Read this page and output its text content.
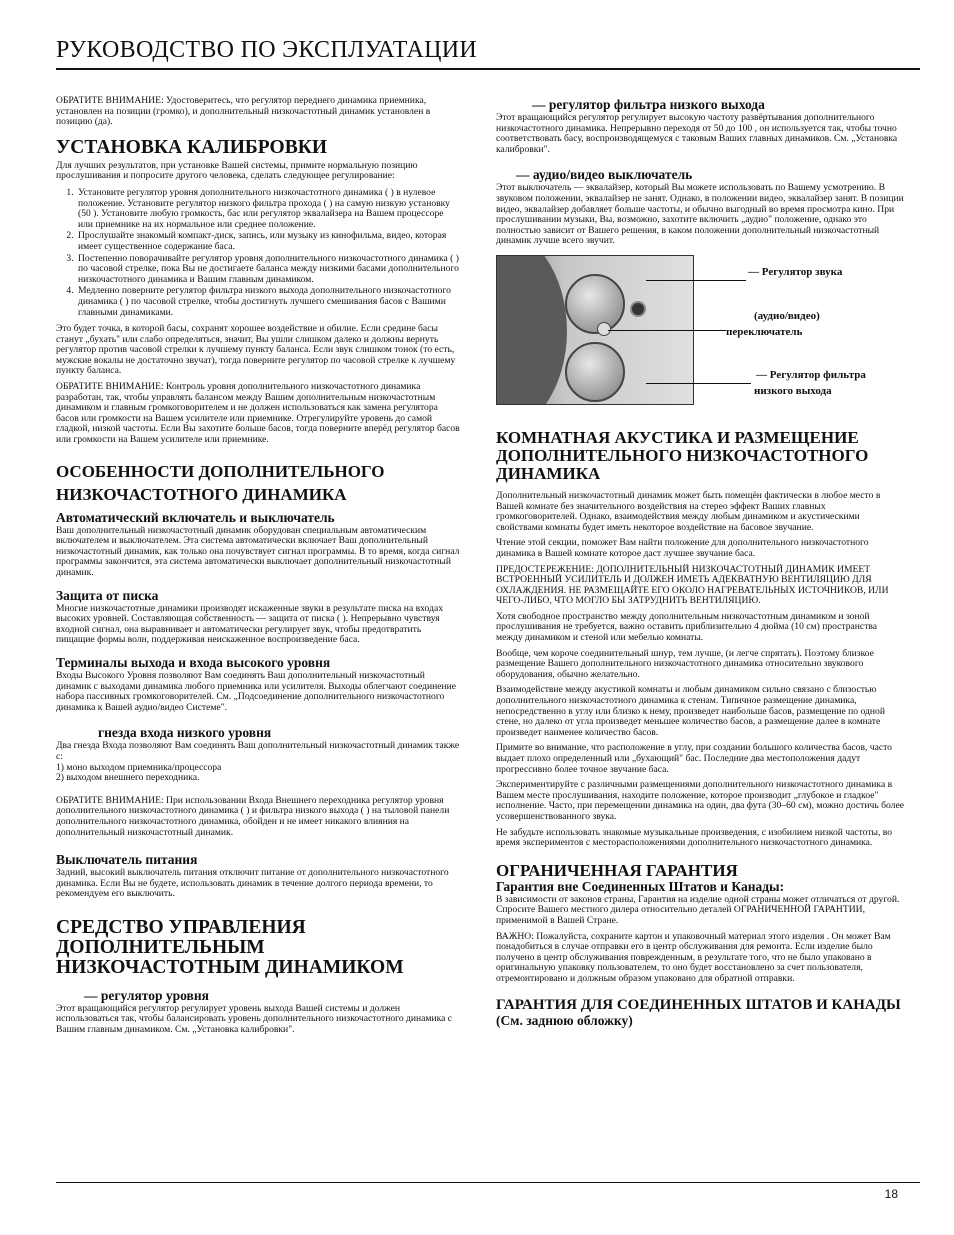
РУКОВОДСТВО ПО ЭКСПЛУАТАЦИИ

ОБРАТИТЕ ВНИМАНИЕ: Удостоверитесь, что регулятор переднего динамика приемника, установлен на позиции (громко), и дополнительный низкочастотный динамик установлен в позицию (да).

УСТАНОВКА КАЛИБРОВКИ

Для лучших результатов, при установке Вашей системы, примите нормальную позицию прослушивания и попросите другого человека, сделать следующее регулирование:

1. Установите регулятор уровня дополнительного низкочастотного динамика ( ) в нулевое положение. Установите регулятор низкого фильтра прохода ( ) на самую низкую установку (50 ). Установите любую громкость, бас или регулятор эквалайзера на Вашем процессоре или приемнике на их нормальное или среднее положение.
2. Прослушайте знакомый компакт-диск, запись, или музыку из кинофильма, видео, которая имеет существенное содержание баса.
3. Постепенно поворачивайте регулятор уровня дополнительного низкочастотного динамика ( ) по часовой стрелке, пока Вы не достигаете баланса между низкими басами дополнительного низкочастотного динамика и Вашим главным динамиком.
4. Медленно поверните регулятор фильтра низкого выхода дополнительного низкочастотного динамика ( ) по часовой стрелке, чтобы достигнуть лучшего смешивания басов с Вашими главными динамиками.

Это будет точка, в которой басы, сохранят хорошее воздействие и обилие. Если средине басы станут „бухать" или слабо определяться, значит, Вы ушли слишком далеко и должны вернуть регулятор против часовой стрелки к лучшему пункту баланса. Если звук слишком тонок (то есть, мужские вокалы не достаточно звучат), тогда поверните регулятор по часовой стрелке к лучшему пункту баланса.

ОБРАТИТЕ ВНИМАНИЕ: Контроль уровня дополнительного низкочастотного динамика разработан, так, чтобы управлять балансом между Вашим дополнительным низкочастотным динамиком и главным громкоговорителем и не должен использоваться как замена регулятора басов или громкости на Вашем усилителе или приемнике. Отрегулируйте уровень до самой гладкой, низкой частоты. Если Вы захотите больше басов, тогда поверните вперёд регулятор басов или громкости на Вашем усилителе или приемнике.

ОСОБЕННОСТИ ДОПОЛНИТЕЛЬНОГО НИЗКОЧАСТОТНОГО ДИНАМИКА
Автоматический включатель и выключатель

Ваш дополнительный низкочастотный динамик оборудован специальным автоматическим включателем и выключателем. Эта система автоматически включает Ваш дополнительный низкочастотный динамик, как только она почувствует сигнал программы. В то время, когда сигнал программы закончится, эта система автоматически выключает дополнительный низкочастотный динамик.

Защита от писка

Многие низкочастотные динамики производят искаженные звуки в результате писка на входах высоких уровней. Составляющая собственность — защита от писка ( ). Непрерывно чувствуя входной сигнал, она выравнивает и автоматически регулирует звук, чтобы предотвратить пищащие формы волн, поддерживая неискаженное воспроизведение баса.

Терминалы выхода и входа высокого уровня

Входы Высокого Уровня позволяют Вам соединять Ваш дополнительный низкочастотный динамик с выходами динамика любого приемника или усилителя. Выходы облегчают соединение набора пассивных громкоговорителей. См. „Подсоединение дополнительного низкочастотного динамика к Вашей аудио/видео Системе".

гнезда входа низкого уровня

Два гнезда Входа позволяют Вам соединять Ваш дополнительный низкочастотный динамик также с:

1) моно выходом приемника/процессора

2) выходом внешнего переходника.

ОБРАТИТЕ ВНИМАНИЕ: При использовании Входа Внешнего переходника регулятор уровня дополнительного низкочастотного динамика ( ) и фильтра низкого выхода ( ) на тыловой панели дополнительного низкочастотного динамика, обойден и не имеет никакого влияния на дополнительный низкочастотный динамик.

Выключатель питания

Задний, высокий выключатель питания отключит питание от дополнительного низкочастотного динамика. Если Вы не будете, использовать динамик в течение долгого периода времени, то рекомендуем его выключить.

СРЕДСТВО УПРАВЛЕНИЯ ДОПОЛНИТЕЛЬНЫМ НИЗКОЧАСТОТНЫМ ДИНАМИКОМ
— регулятор уровня

Этот вращающийся регулятор регулирует уровень выхода Вашей системы и должен использоваться так, чтобы балансировать уровень дополнительного низкочастотного динамика с Вашим главным динамиком. См. „Установка калибровки".

— регулятор фильтра низкого выхода

Этот вращающийся регулятор регулирует высокую частоту развёртывания дополнительного низкочастотного динамика. Непрерывно переходя от 50 до 100 , он используется так, чтобы точно соответствовать басу, воспроизводящемуся с таковым Ваших главных динамиков. См. „Установка калибровки".

— аудио/видео выключатель

Этот выключатель — эквалайзер, который Вы можете использовать по Вашему усмотрению. В звуковом положении, эквалайзер не занят. Однако, в положении видео, эквалайзер занят. В позиции видео, эквалайзер добавляет больше частоты, и обычно выгодный во время просмотра кино. При прослушивании музыки, Вы, возможно, захотите включить „аудио" положение, однако это полностью зависит от Вашего решения, в каком положении дополнительный низкочастотный динамик лучше всего звучит.

— Регулятор звука
(аудио/видео)
переключатель
— Регулятор фильтра
низкого выхода
КОМНАТНАЯ АКУСТИКА И РАЗМЕЩЕНИЕ ДОПОЛНИТЕЛЬНОГО НИЗКОЧАСТОТНОГО ДИНАМИКА

Дополнительный низкочастотный динамик может быть помещён фактически в любое место в Вашей комнате без значительного воздействия на стерео эффект Ваших главных громкоговорителей. Однако, взаимодействия между любым динамиком и акустическими свойствами комнаты будет иметь некоторое воздействие на басовое звучание.

Чтение этой секции, поможет Вам найти положение для дополнительного низкочастотного динамика в Вашей комнате которое даст лучшее звучание баса.

ПРЕДОСТЕРЕЖЕНИЕ: ДОПОЛНИТЕЛЬНЫЙ НИЗКОЧАСТОТНЫЙ ДИНАМИК ИМЕЕТ ВСТРОЕННЫЙ УСИЛИТЕЛЬ И ДОЛЖЕН ИМЕТЬ АДЕКВАТНУЮ ВЕНТИЛЯЦИЮ ДЛЯ ОХЛАЖДЕНИЯ. НЕ РАЗМЕЩАЙТЕ ЕГО ОКОЛО НАГРЕВАТЕЛЬНЫХ ИСТОЧНИКОВ, ИЛИ ЧЕГО-ЛИБО, ЧТО МОГЛО БЫ ЗАТРУДНИТЬ ВЕНТИЛЯЦИЮ.

Хотя свободное пространство между дополнительным низкочастотным динамиком и зоной прослушивания не требуется, важно оставить приблизительно 4 дюйма (10 см) пространства между динамиком и стеной или мебелью комнаты.

Вообще, чем короче соединительный шнур, тем лучше, (и легче спрятать). Поэтому близкое размещение Вашего дополнительного низкочастотного динамика относительно звукового оборудования, обычно желательно.

Взаимодействие между акустикой комнаты и любым динамиком сильно связано с близостью дополнительного низкочастотного динамика к стенам. Типичное размещение динамика, непосредственно в углу или близко к нему, произведет наибольше басов, размещение по одной стене, но далеко от угла произведет меньшее количество басов, а размещение далее в комнате произведет наименее количество басов.

Примите во внимание, что расположение в углу, при создании большого количества басов, часто выдает плохо определенный или „бухающий" бас. Последние два местоположения дадут прогрессивно более точное звучание баса.

Экспериментируйте с различными размещениями дополнительного низкочастотного динамика в Вашем месте прослушивания, находите положение, которое производит „глубокое и гладкое" исполнение. Часто, при перемещении динамика на один, два фута (30–60 см), можно достичь более усовершенствованного звука.

Не забудьте использовать знакомые музыкальные произведения, с изобилием низкой частоты, во время экспериментов с месторасположениями дополнительного низкочастотного динамика.

ОГРАНИЧЕННАЯ ГАРАНТИЯ
Гарантия вне Соединенных Штатов и Канады:

В зависимости от законов страны, Гарантия на изделие одной страны может отличаться от другой. Спросите Вашего местного дилера относительно деталей ОГРАНИЧЕННОЙ ГАРАНТИИ, применимой в Вашей Стране.

ВАЖНО: Пожалуйста, сохраните картон и упаковочный материал этого изделия . Он может Вам понадобиться в случае отправки его в центр обслуживания для ремонта. Если изделие было получено в центр обслуживания поврежденным, в результате того, что не было упаковано в оригинальную упаковку пользователем, то оно будет восстановлено за счет пользователя, отремонтировано и должным образом упаковано для обратной отправки.

ГАРАНТИЯ ДЛЯ СОЕДИНЕННЫХ ШТАТОВ И КАНАДЫ
(См. заднюю обложку)
18
